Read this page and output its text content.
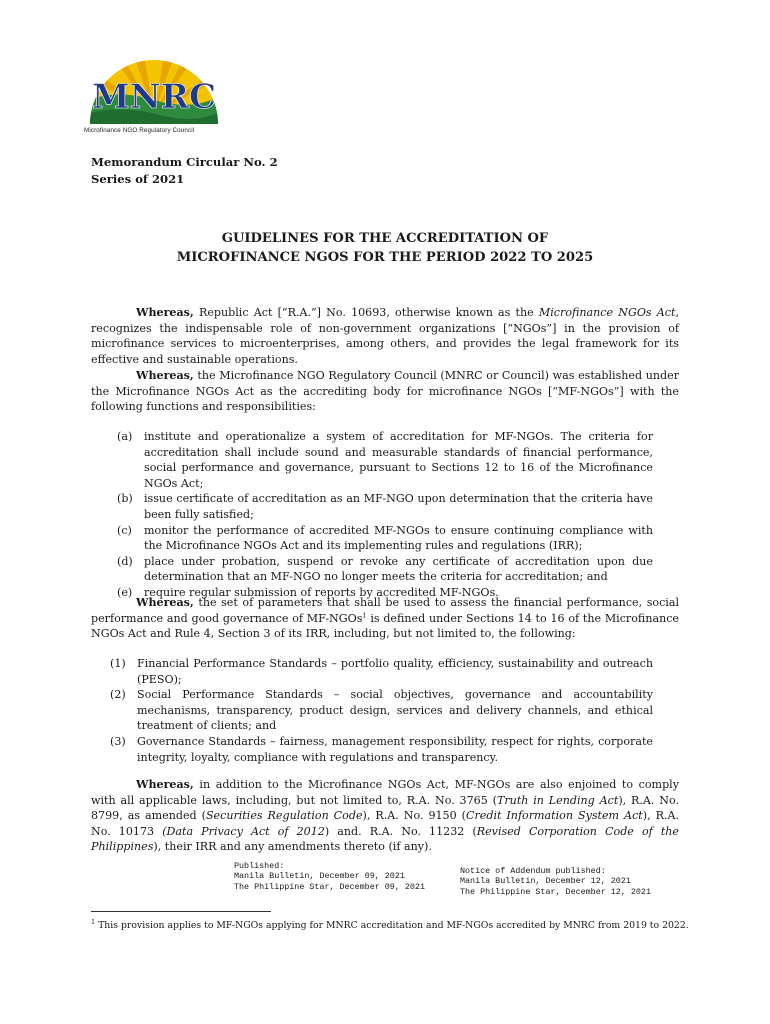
MNRC
Microfinance NGO Regulatory Council
Memorandum Circular No. 2
Series of 2021
GUIDELINES FOR THE ACCREDITATION OF
MICROFINANCE NGOS FOR THE PERIOD 2022 TO 2025

Whereas, Republic Act [“R.A.”] No. 10693, otherwise known as the Microfinance NGOs Act, recognizes the indispensable role of non-government organizations [“NGOs”] in the provision of microfinance services to microenterprises, among others, and provides the legal framework for its effective and sustainable operations.

Whereas, the Microfinance NGO Regulatory Council (MNRC or Council) was established under the Microfinance NGOs Act as the accrediting body for microfinance NGOs [“MF-NGOs”] with the following functions and responsibilities:

(a)	institute and operationalize a system of accreditation for MF-NGOs. The criteria for accreditation shall include sound and measurable standards of financial performance, social performance and governance, pursuant to Sections 12 to 16 of the Microfinance NGOs Act;
(b)	issue certificate of accreditation as an MF-NGO upon determination that the criteria have been fully satisfied;
(c)	monitor the performance of accredited MF-NGOs to ensure continuing compliance with the Microfinance NGOs Act and its implementing rules and regulations (IRR);
(d)	place under probation, suspend or revoke any certificate of accreditation upon due determination that an MF-NGO no longer meets the criteria for accreditation; and
(e)	require regular submission of reports by accredited MF-NGOs.

Whereas, the set of parameters that shall be used to assess the financial performance, social performance and good governance of MF-NGOs$^1$ is defined under Sections 14 to 16 of the Microfinance NGOs Act and Rule 4, Section 3 of its IRR, including, but not limited to, the following:

(1)	Financial Performance Standards – portfolio quality, efficiency, sustainability and outreach (PESO);
(2)	Social Performance Standards – social objectives, governance and accountability mechanisms, transparency, product design, services and delivery channels, and ethical treatment of clients; and
(3)	Governance Standards – fairness, management responsibility, respect for rights, corporate integrity, loyalty, compliance with regulations and transparency.

Whereas, in addition to the Microfinance NGOs Act, MF-NGOs are also enjoined to comply with all applicable laws, including, but not limited to, R.A. No. 3765 (Truth in Lending Act), R.A. No. 8799, as amended (Securities Regulation Code), R.A. No. 9150 (Credit Information System Act), R.A. No. 10173 (Data Privacy Act of 2012) and. R.A. No. 11232 (Revised Corporation Code of the Philippines), their IRR and any amendments thereto (if any).

Published:
Manila Bulletin, December 09, 2021
The Philippine Star, December 09, 2021
Notice of Addendum published:
Manila Bulletin, December 12, 2021
The Philippine Star, December 12, 2021
$^1$ This provision applies to MF-NGOs applying for MNRC accreditation and MF-NGOs accredited by MNRC from 2019 to 2022.
